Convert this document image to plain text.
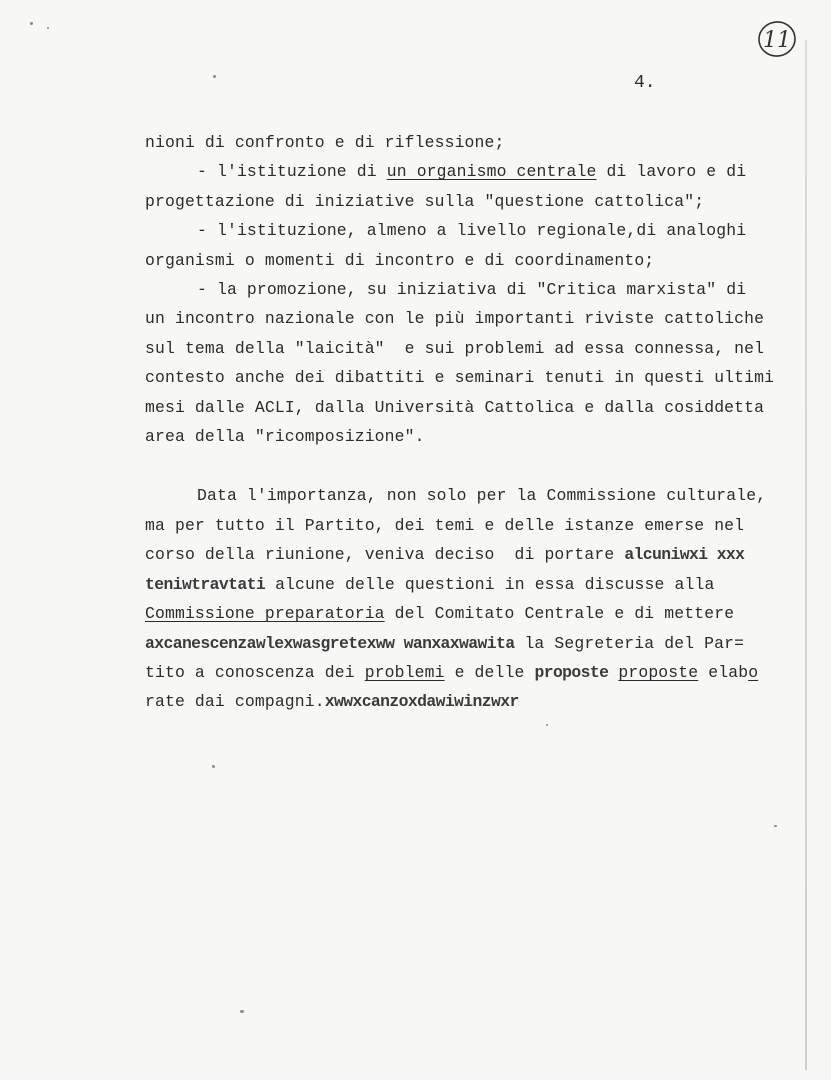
11
4.
nioni di confronto e di riflessione;
- l'istituzione di un organismo centrale di lavoro e di
progettazione di iniziative sulla "questione cattolica";
- l'istituzione, almeno a livello regionale,di analoghi
organismi o momenti di incontro e di coordinamento;
- la promozione, su iniziativa di "Critica marxista" di
un incontro nazionale con le più importanti riviste cattoliche
sul tema della "laicità"  e sui problemi ad essa connessa, nel
contesto anche dei dibattiti e seminari tenuti in questi ultimi
mesi dalle ACLI, dalla Università Cattolica e dalla cosiddetta
area della "ricomposizione".
Data l'importanza, non solo per la Commissione culturale,
ma per tutto il Partito, dei temi e delle istanze emerse nel
corso della riunione, veniva deciso  di portare alcuniwxi xxx
teniwtravtati alcune delle questioni in essa discusse alla
Commissione preparatoria del Comitato Centrale e di mettere
axcanescenzawlexwasgretexww wanxaxwawita la Segreteria del Par=
tito a conoscenza dei problemi e delle proposte proposte elabo
rate dai compagni.xwwxcanzoxdawiwinzwxr
